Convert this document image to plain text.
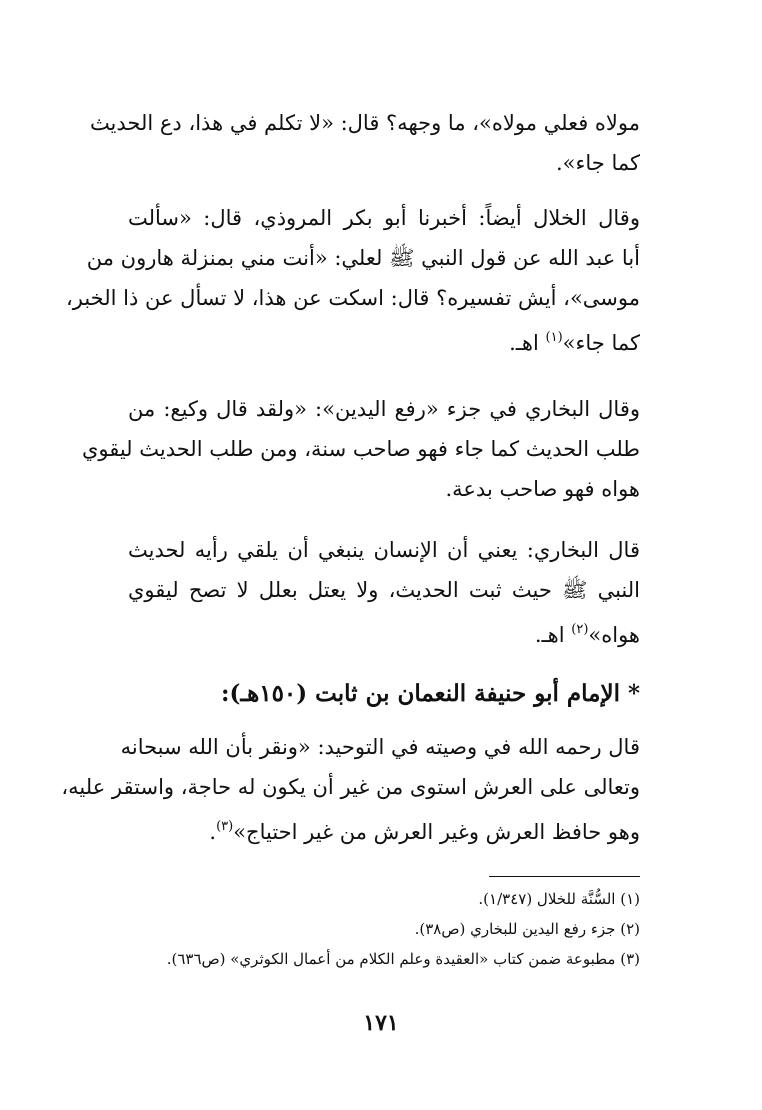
مولاه فعلي مولاه»، ما وجهه؟ قال: «لا تكلم في هذا، دع الحديث
كما جاء».
وقال الخلال أيضاً: أخبرنا أبو بكر المروذي، قال: «سألت
أبا عبد الله عن قول النبي ﷺ لعلي: «أنت مني بمنزلة هارون من
موسى»، أيش تفسيره؟ قال: اسكت عن هذا، لا تسأل عن ذا الخبر،
كما جاء»$^{(١)}$ اهـ.
وقال البخاري في جزء «رفع اليدين»: «ولقد قال وكيع: من
طلب الحديث كما جاء فهو صاحب سنة، ومن طلب الحديث ليقوي
هواه فهو صاحب بدعة.
قال البخاري: يعني أن الإنسان ينبغي أن يلقي رأيه لحديث
النبي ﷺ حيث ثبت الحديث، ولا يعتل بعلل لا تصح ليقوي
هواه»$^{(٢)}$ اهـ.
* الإمام أبو حنيفة النعمان بن ثابت (١٥٠هـ):
قال رحمه الله في وصيته في التوحيد: «ونقر بأن الله سبحانه
وتعالى على العرش استوى من غير أن يكون له حاجة، واستقر عليه،
وهو حافظ العرش وغير العرش من غير احتياج»$^{(٣)}$.
(١) السُّنَّة للخلال (١/٣٤٧).
(٢) جزء رفع اليدين للبخاري (ص٣٨).
(٣) مطبوعة ضمن كتاب «العقيدة وعلم الكلام من أعمال الكوثري» (ص٦٣٦).
١٧١
